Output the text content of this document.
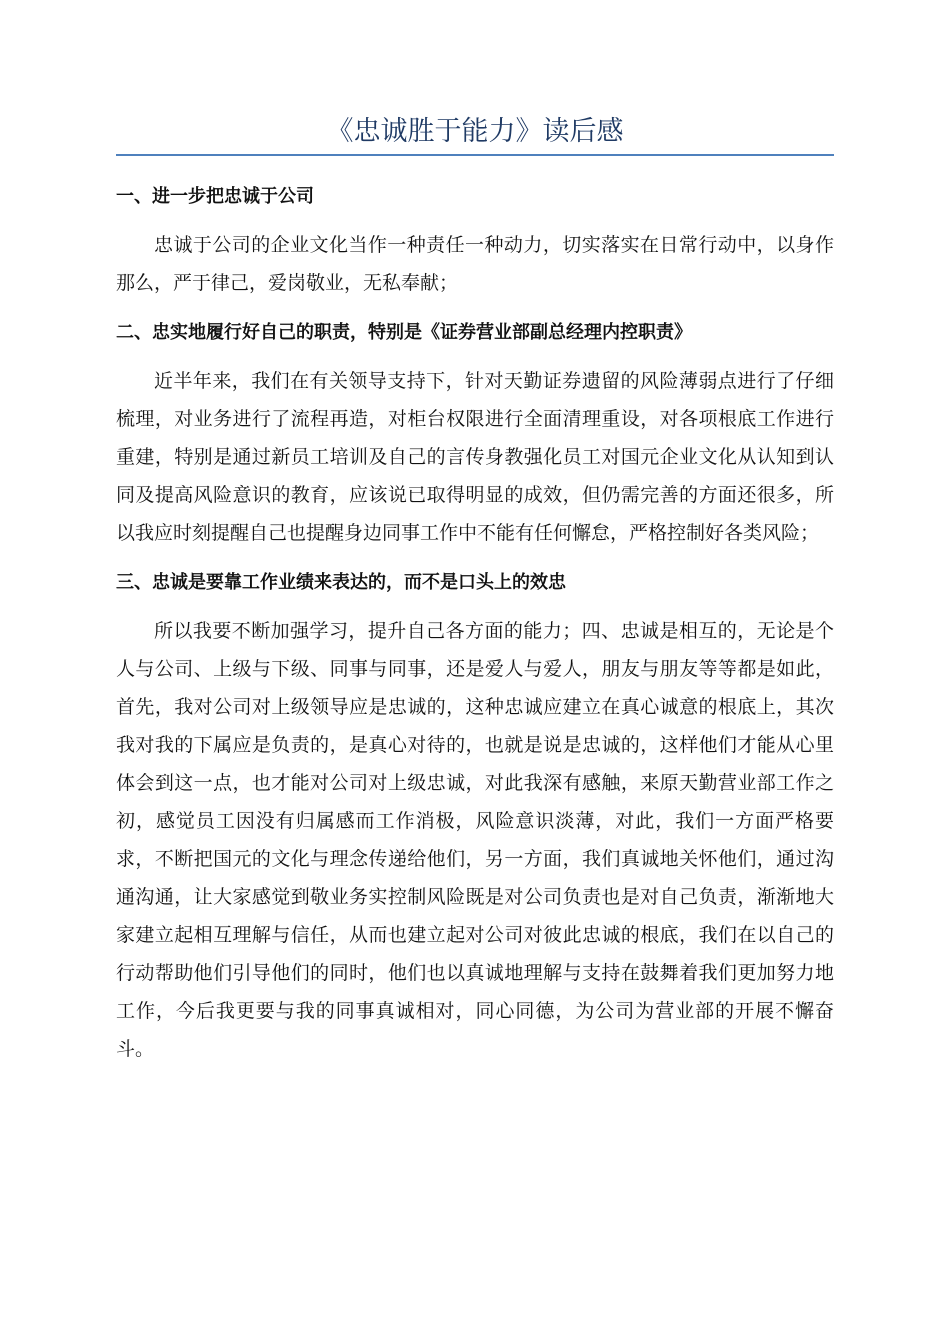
《忠诚胜于能力》读后感
一、进一步把忠诚于公司

忠诚于公司的企业文化当作一种责任一种动力，切实落实在日常行动中，以身作那么，严于律己，爱岗敬业，无私奉献；

二、忠实地履行好自己的职责，特别是《证券营业部副总经理内控职责》

近半年来，我们在有关领导支持下，针对天勤证券遗留的风险薄弱点进行了仔细梳理，对业务进行了流程再造，对柜台权限进行全面清理重设，对各项根底工作进行重建，特别是通过新员工培训及自己的言传身教强化员工对国元企业文化从认知到认同及提高风险意识的教育，应该说已取得明显的成效，但仍需完善的方面还很多，所以我应时刻提醒自己也提醒身边同事工作中不能有任何懈怠，严格控制好各类风险；

三、忠诚是要靠工作业绩来表达的，而不是口头上的效忠

所以我要不断加强学习，提升自己各方面的能力；四、忠诚是相互的，无论是个人与公司、上级与下级、同事与同事，还是爱人与爱人，朋友与朋友等等都是如此，首先，我对公司对上级领导应是忠诚的，这种忠诚应建立在真心诚意的根底上，其次我对我的下属应是负责的，是真心对待的，也就是说是忠诚的，这样他们才能从心里体会到这一点，也才能对公司对上级忠诚，对此我深有感触，来原天勤营业部工作之初，感觉员工因没有归属感而工作消极，风险意识淡薄，对此，我们一方面严格要求，不断把国元的文化与理念传递给他们，另一方面，我们真诚地关怀他们，通过沟通沟通，让大家感觉到敬业务实控制风险既是对公司负责也是对自己负责，渐渐地大家建立起相互理解与信任，从而也建立起对公司对彼此忠诚的根底，我们在以自己的行动帮助他们引导他们的同时，他们也以真诚地理解与支持在鼓舞着我们更加努力地工作，今后我更要与我的同事真诚相对，同心同德，为公司为营业部的开展不懈奋斗。
